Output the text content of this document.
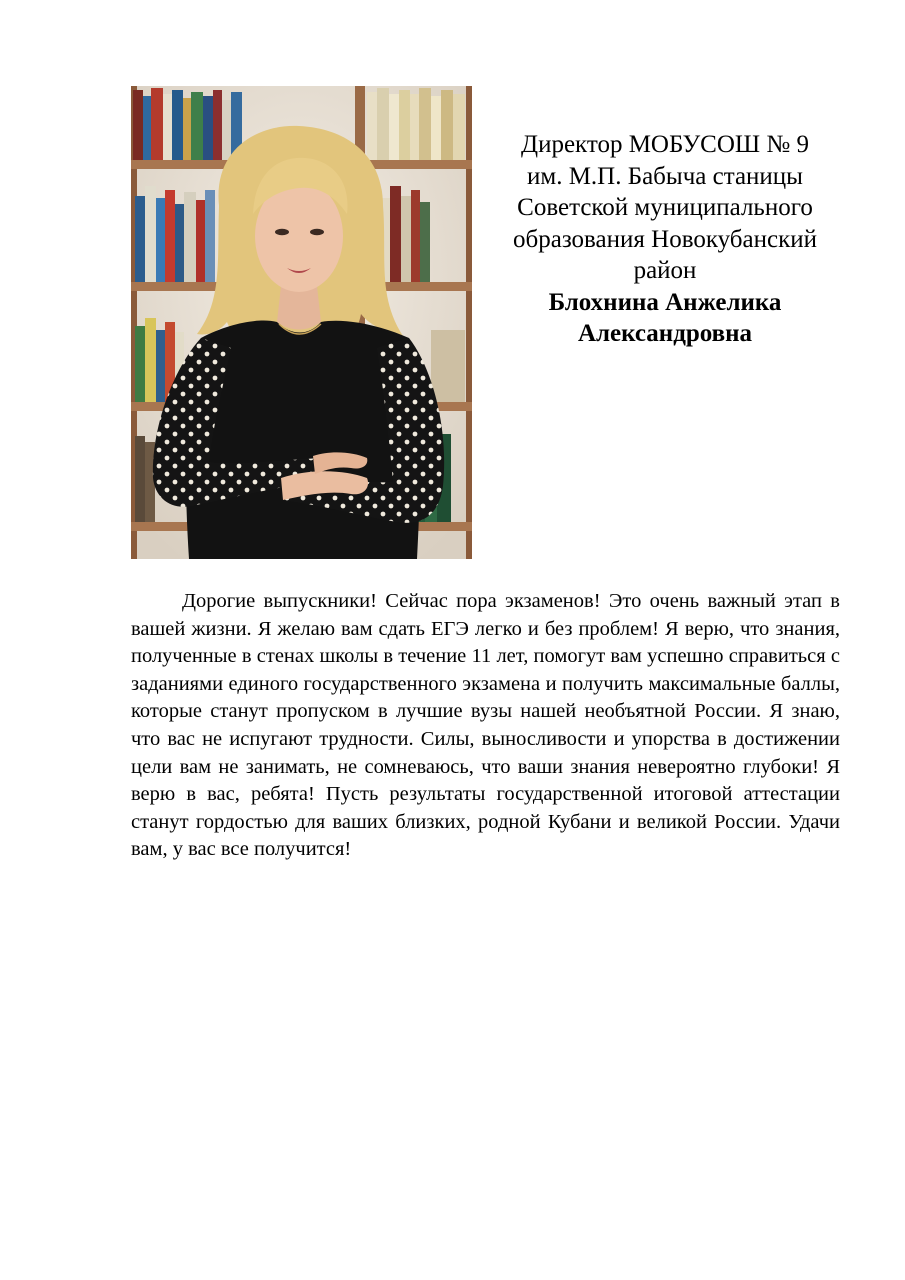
Директор МОБУСОШ № 9
им. М.П. Бабыча станицы
Советской муниципального
образования Новокубанский
район
Блохнина Анжелика
Александровна

Дорогие выпускники! Сейчас пора экзаменов! Это очень важный этап в вашей жизни. Я желаю вам сдать ЕГЭ легко и без проблем! Я верю, что знания, полученные в стенах школы в течение 11 лет, помогут вам успешно справиться с заданиями единого государственного экзамена и получить максимальные баллы, которые станут пропуском в лучшие вузы нашей необъятной России. Я знаю, что вас не испугают трудности. Силы, выносливости и упорства в достижении цели вам не занимать, не сомневаюсь, что ваши знания невероятно глубоки! Я верю в вас, ребята! Пусть результаты государственной итоговой аттестации станут гордостью для ваших близких, родной Кубани и великой России. Удачи вам, у вас все получится!
